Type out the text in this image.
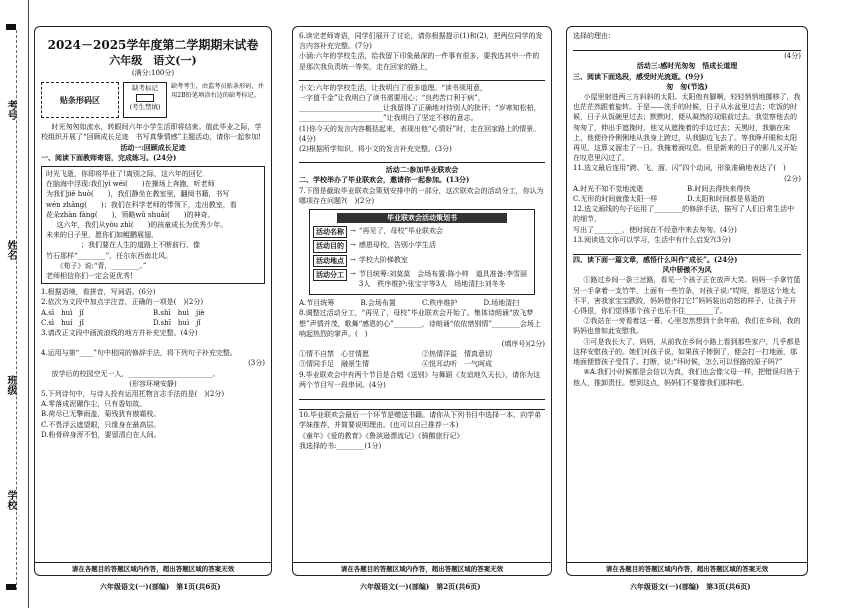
考号
姓名
班级
学校
2024－2025学年度第二学期期末试卷
六年级　语文(一)
(满分:100分)
贴条形码区
缺考标记
(考生禁填)
缺考考生，由监考员贴条形码，并用2B铅笔填涂右边的缺考标记。
时光匆匆如流水，转眼间六年小学生活即将结束。值此毕业之际，学校组织开展了“回顾成长足迹　书写真挚情感”主题活动，请你一起参加!
活动一:回顾成长足迹
一、阅读下面教师寄语，完成练习。(24分)
时光飞逝，你即将毕业了!离别之际，这六年的回忆
在脑海中浮现:我们yì wéi(　　)在操场上奔跑，听老师
为我们jiě huò(　　)，我们静坐在教室里，翻阅书籍，书写
wén zhāng(　　)；我们在科学老师的带领下，走出教室，看
花朵zhàn fàng(　　)，领略wǔ shuāi(　　)的神奇。
这六年，我们从yòu zhì(　　)的孩童成长为优秀少年。
未来的日子里，愿你们如鲲鹏展翅，
　　　　　；我们要在人生的道路上不断前行，像
竹石那样“________”，任尔东西南北风。
《荀子》说:“青，________。”
老师相信你们一定会更优秀!
1.根据语境，看拼音，写词语。(6分)
2.依次为文段中加点字注音，正确的一项是(　)(2分)
A.sī　huì　jǐ	B.shī　huì　jiè
C.sì　huí　jǐ	D.shī　huì　jǐ
3.请改正文段中画波浪线的地方并补充完整。(4分)
4.运用与第“____”句中相同的修辞手法，将下列句子补充完整。
(3分)
放学后的校园空无一人，________________________。
(形容环境安静)
5.下列诗句中，与诗人投有运用托物言志手法的是(　)(2分)
A.零落成泥碾作尘，只有香如故。
B.荷尽已无擎雨盖，菊残犹有傲霜枝。
C.不畏浮云遮望眼，只缘身在最高层。
D.粉骨碎身浑不怕，要留清白在人间。
请在各题目的答题区域内作答，超出答题区域的答案无效
六年级语文(一)(部编)　第1页(共6页)
6.读完老师寄语，同学们展开了讨论，请你根据提示(1)和(2)，把两位同学的发言内容补充完整。(7分)
小涵:六年的学校生活，给我留下印象最深的一件事有很多，要我选其中一件的是那次我负责统一等奖，走在回家的路上，
小文:六年的学校生活，让我明白了很多道理。“读书须用意，
一字值千金”让我明白了读书需要用心；“良药苦口利于病”，
________________________让我留得了正确地对待别人的批评；“岁寒知松柏，
________________________”让我明白了坚定不移的意志。
(1)你今天的发言内容概括起来，表现出他“心情好”时，走在回家路上的情景。(4分)
(2)根据所学知识，将小文的发言补充完整。(3分)
活动二:参加毕业联欢会
二、学校举办了毕业联欢会，邀请你一起参加。(13分)
7.下图是截取毕业联欢会策划安排中的一部分，这次联欢会的活动分工，你认为哪项存在问题?(　)(2分)
毕业联欢会活动策划书
活动名称 → “再见了，母校”毕业联欢会
活动目的 → 感恩母校，告别小学生活
活动地点 → 学校大阶梯教室
活动分工 → 节目统筹:刘莫莫　会场布置:陈小帅　道具准备:李雪丽3人　秩序维护:张宝宇等3人　场地清扫:刘冬冬
A.节目统筹	B.会场布置	C.秩序维护	D.场地清扫
8.调整过活动分工，“再见了，母校”毕业联欢会开始了。集体诗朗诵“放飞梦想”声情并茂，歌舞“感恩的心”________，诗朗诵“依依惜别情”________会场上响起热烈的掌声。(　)
(填序号)(2分)
①情不自禁　心甘情愿	②热情洋溢　情真意切
③情同手足　融景生情	④悦耳动听　一气呵成
9.毕业联欢会中有两个节目是合唱《送别》与舞蹈《友谊地久天长》，请你为这两个节目写一段串词。(4分)
10.毕业联欢会最后一个环节是赠送书籍。请你从下列书目中选择一本，向学弟学妹推荐，并简要说明理由。(也可以自己推荐一本)
《童年》《爱的教育》《鲁滨逊漂流记》《骑鹅旅行记》
我选择的书:________(1分)
请在各题目的答题区域内作答，超出答题区域的答案无效
六年级语文(一)(部编)　第2页(共6页)
选择的理由:
(4分)
活动三:感时光匆匆　悟成长道理
三、阅读下面选段，感受时光流逝。(9分)
匆　匆(节选)
小屋里射进两三方斜斜的太阳。太阳他有脚啊，轻轻悄悄地挪移了，我也茫茫然跟着旋转。于是——洗手的时候，日子从水盆里过去；吃饭的时候，日子从饭碗里过去；默默时，便从凝然的双眼前过去。我觉察他去的匆匆了，伸出手遮挽时，他又从遮挽着的手边过去；天黑时，我躺在床上，他便伶伶俐俐地从我身上跨过，从我脚边飞去了。等我睁开眼和太阳再见，这算又溜走了一日。我掩着面叹息。但是新来的日子的影儿又开始在叹息里闪过了。
11.选文最后连用“跨、飞、溜、闪”四个动词，形象准确地表达了(　)
(2分)
A.时光不知不觉地流逝	B.时间去得快来得快
C.无形的时间就像太阳一样	D.太阳和时间都是易逝的
12.选文画线的句子运用了________的修辞手法，描写了人们日常生活中的细节，
写出了________，使时间在不经意中来去匆匆。(4分)
13.阅读选文你可以学习，生活中有什么启发?(3分)
四、读下面一篇文章，感悟什么叫作“成长”。(24分)
风中骄傲不为风
①路过乡间一条三岔路，看见一个孩子正在放声大笑。妈妈一手拿竹篮另一手拿着一支竹竿，上面有一些竹条，对孩子说:“哎呀，都是这个地太不平，害我家宝宝跌跤，妈妈替你打它!”妈妈装出动怒的样子，让孩子开心得很，你们觉得那个孩子也乐不住________了。
②我站在一旁看着这一幕，心里忽然想到十余年前，我们在乡间，我的妈妈也曾如此安慰我。
③可是我长大了，妈妈，从前我在乡间小路上看到那些家户，几乎都是这样安慰孩子的。她们对孩子说，如果孩子摔倒了，便会打一打地面，那地面便替孩子受罚了。打断，说:“坏时候，怎么可以怪路的原子吗?”
④A.我们小时候都是会信以为真，我们也会像父母一样，把错误归咎于他人，推卸责任。想到这点，妈妈们不要像我们那样吧。
请在各题目的答题区域内作答，超出答题区域的答案无效
六年级语文(一)(部编)　第3页(共6页)
